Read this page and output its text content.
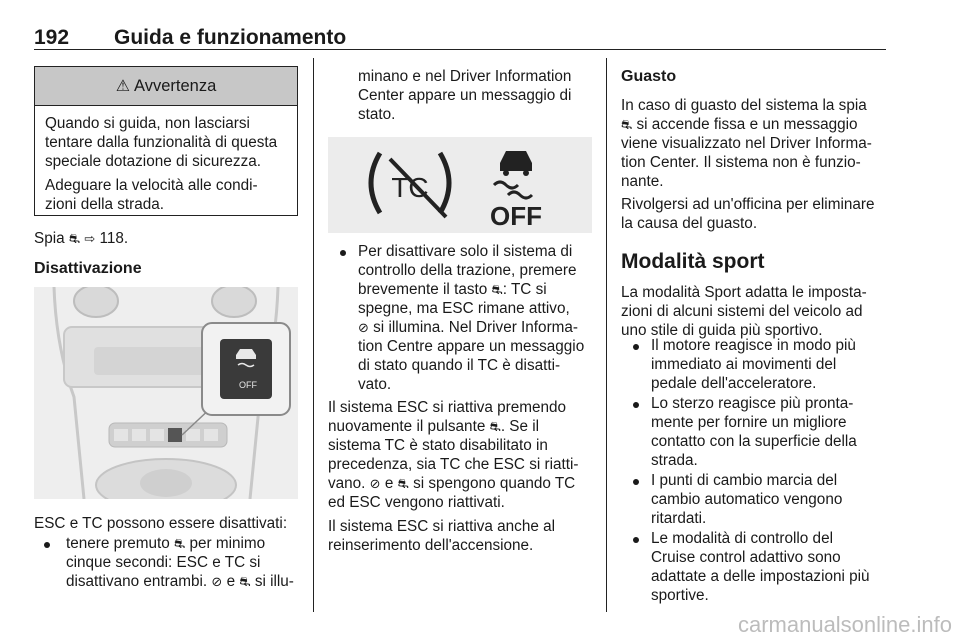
192 Guida e funzionamento
⚠ Avvertenza
Quando si guida, non lasciarsi
tentare dalla funzionalità di questa
speciale dotazione di sicurezza.
Adeguare la velocità alle condi-
zioni della strada.
Spia ⛐ ⇨ 118.
Disattivazione
OFF
ESC e TC possono essere disattivati:
tenere premuto ⛐ per minimo
cinque secondi: ESC e TC si
disattivano entrambi. ⊘ e ⛐ si illu-
minano e nel Driver Information
Center appare un messaggio di
stato.
TC
OFF
Per disattivare solo il sistema di
controllo della trazione, premere
brevemente il tasto ⛐: TC si
spegne, ma ESC rimane attivo,
⊘ si illumina. Nel Driver Informa-
tion Centre appare un messaggio
di stato quando il TC è disatti-
vato.
Il sistema ESC si riattiva premendo
nuovamente il pulsante ⛐. Se il
sistema TC è stato disabilitato in
precedenza, sia TC che ESC si riatti-
vano. ⊘ e ⛐ si spengono quando TC
ed ESC vengono riattivati.
Il sistema ESC si riattiva anche al
reinserimento dell'accensione.
Guasto
In caso di guasto del sistema la spia
⛐ si accende fissa e un messaggio
viene visualizzato nel Driver Informa-
tion Center. Il sistema non è funzio-
nante.
Rivolgersi ad un'officina per eliminare
la causa del guasto.
Modalità sport
La modalità Sport adatta le imposta-
zioni di alcuni sistemi del veicolo ad
uno stile di guida più sportivo.
Il motore reagisce in modo più
immediato ai movimenti del
pedale dell'acceleratore.
Lo sterzo reagisce più pronta-
mente per fornire un migliore
contatto con la superficie della
strada.
I punti di cambio marcia del
cambio automatico vengono
ritardati.
Le modalità di controllo del
Cruise control adattivo sono
adattate a delle impostazioni più
sportive.
carmanualsonline.info
